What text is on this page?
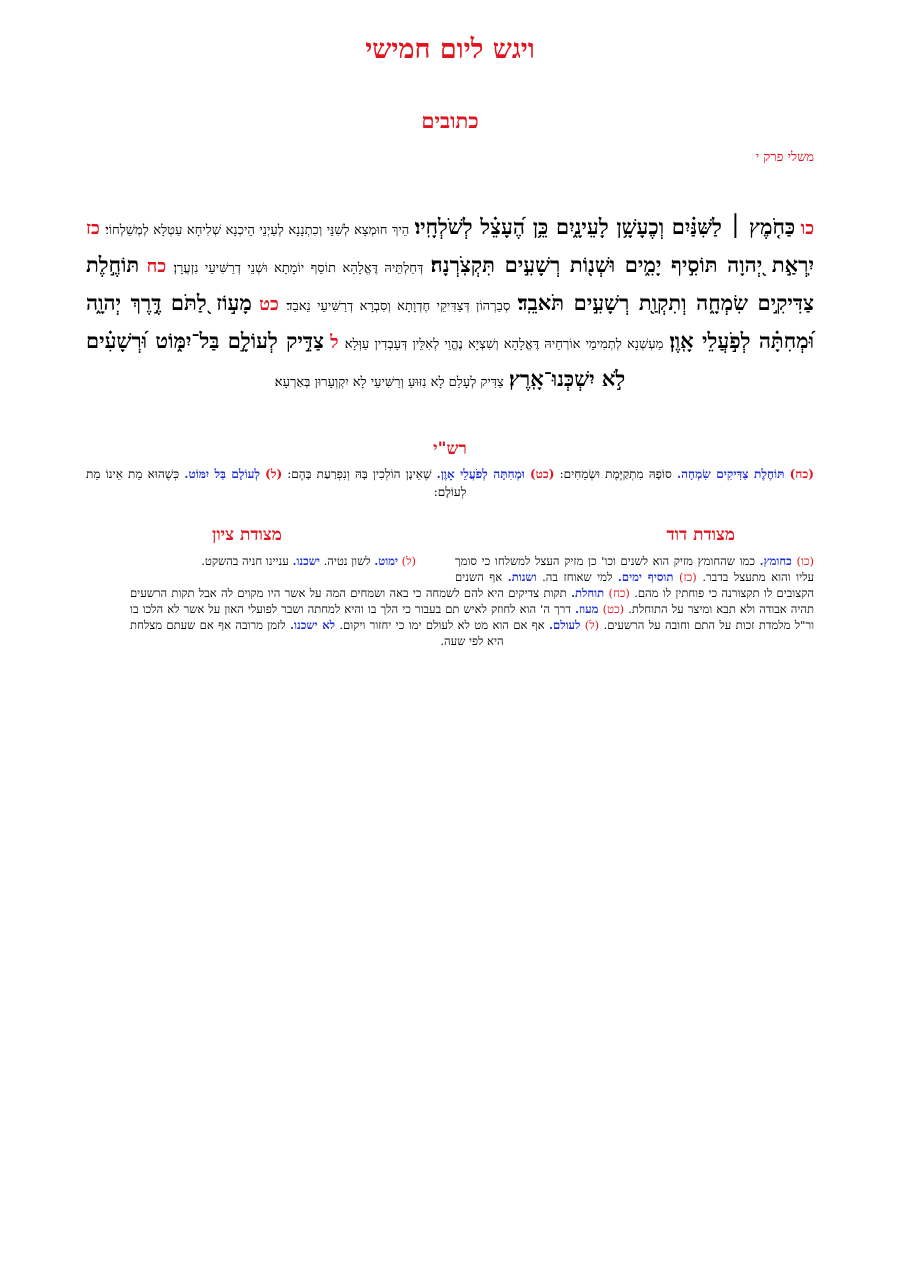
ויגש ליום חמישי
כתובים
משלי פרק י
כו כַּחֹ֤מֶץ ׀ לַשִּׁנַּ֗יִם וְכֶעָשָׁ֥ן לָעֵינָ֑יִם כֵּ֥ן הֶ֝עָצֵ֗ל לְשֹׁלְחָֽיו׃ הֵיךְ חוּמְצָא לְשִׁנֵּי וְכִתְנָנָא לְעַיְנֵי הֵיכְנָא שְׁלִיחָא עַטְלָא לְמְשַׁלְחוֹי׃ כז יִֽרְאַ֣ת יְ֭הוָה תּוֹסִ֣יף יָמִ֑ים וּשְׁנ֖וֹת רְשָׁעִ֣ים תִּקְצֹֽרְנָה׃ דְּחַלְתֵּיהּ דֶּאֱלָהָא תוֹסֵף יוֹמָתָא וּשְׁנֵי דְרַשִּׁיעֵי נִזְעֲרָן׃ כח תּוֹחֶ֣לֶת צַדִּיקִ֣ים שִׂמְחָ֑ה וְתִקְוַ֖ת רְשָׁעִ֣ים תֹּאבֵֽד׃ סְבַרְהוֹן דְּצַדִּיקֵי חֶדְוָתָא וְסִבְרָא דְרַשִּׁיעֵי נֵאבַד׃ כט מָע֣וֹז לַ֭תֹּם דֶּ֣רֶךְ יְהוָ֑ה וּ֝מְחִתָּ֗ה לְפֹ֣עֲלֵי אָֽוֶן׃ מַעְשְׁנָא לְתְמִימֵי אוֹרְחֵיהּ דֶּאֱלָהָא וְשִׁצְיָא נֶהֱוֵי לְאִלֵּין דְּעָבְדִין עַוְּלָא׃ ל צַדִּ֣יק לְעוֹלָ֣ם בַּל־יִמּ֑וֹט וּ֝רְשָׁעִ֗ים לֹ֣א יִשְׁכְּנוּ־אָֽרֶץ׃ צַדִּיק לְעָלַם לָא נִזּוּעַ וְרַשִּׁיעֵי לָא יִקְוְעָרוּן בְּאַרְעָא׃
רש"י
(כח) תּוֹחֶלֶת צַדִּיקִים שִׂמְחָה. סוֹפָהּ מִתְקַיֶּמֶת וּשְׂמֵחִים: (כט) וּמְחִתָּה לְפֹעֲלֵי אָוֶן. שֶׁאֵינָן הוֹלְכִין בָּהּ וְנִפְרַעַת בָּהֶם: (ל) לְעוֹלָם בַּל יִמּוֹט. כְּשֶׁהוּא מֵת אֵינוֹ מֵת לְעוֹלָם:
מצודת דוד
מצודת ציון
(ל) ימוט. לשון נטיה. ישכנו. עניינו חניה בהשקט.	(כו) כחומץ. כמו שהחומץ מזיק הוא לשנים וכו' כן מזיק העצל למשלחו כי סומך עליו והוא מתעצל בדבר. (כז) תוסיף ימים. למי שאוחז בה. ושנות. אף השנים הקצובים לו תקצורנה כי פוחתין לו מהם. (כח) תוחלת. תקות צדיקים היא להם לשמחה כי באה ושמחים המה על אשר היו מקוים לה אבל תקות הרשעים תהיה אבודה ולא תבא ומיצר על התוחלת. (כט) מעוז. דרך ה' הוא לחוזק לאיש תם בעבור כי הלך בו והיא למחתה ושבר לפועלי האון על אשר לא הלכו בו ור"ל מלמדת זכות על התם וחובה על הרשעים. (ל) לעולם. אף אם הוא מט לא לעולם ימו כי יחזור ויקום. לא ישכנו. לזמן מרובה אף אם שעתם מצלחת היא לפי שעה.
